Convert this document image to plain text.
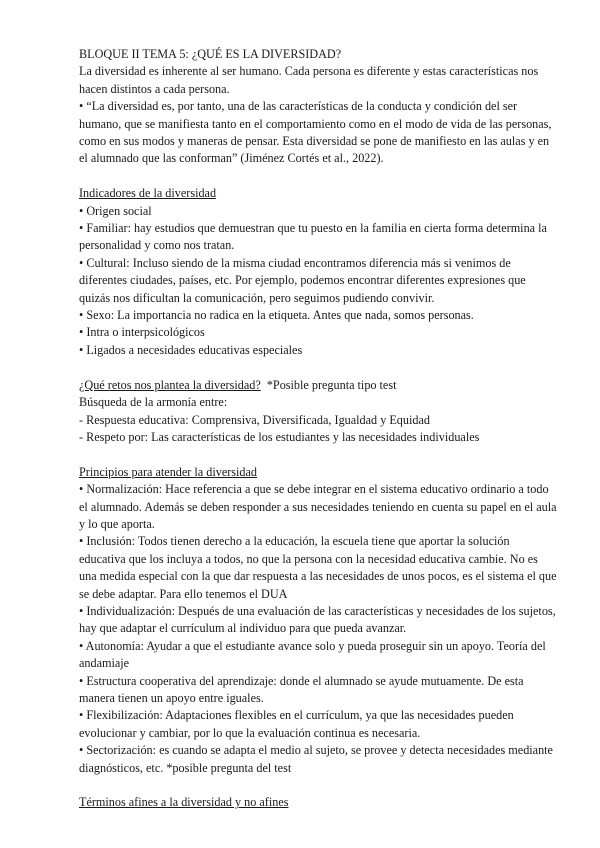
BLOQUE II TEMA 5: ¿QUÉ ES LA DIVERSIDAD?

La diversidad es inherente al ser humano. Cada persona es diferente y estas características nos hacen distintos a cada persona.

• “La diversidad es, por tanto, una de las características de la conducta y condición del ser humano, que se manifiesta tanto en el comportamiento como en el modo de vida de las personas, como en sus modos y maneras de pensar. Esta diversidad se pone de manifiesto en las aulas y en el alumnado que las conforman” (Jiménez Cortés et al., 2022).

Indicadores de la diversidad

• Origen social

• Familiar: hay estudios que demuestran que tu puesto en la familia en cierta forma determina la personalidad y como nos tratan.

• Cultural: Incluso siendo de la misma ciudad encontramos diferencia más si venimos de diferentes ciudades, países, etc. Por ejemplo, podemos encontrar diferentes expresiones que quizás nos dificultan la comunicación, pero seguimos pudiendo convivir.

• Sexo: La importancia no radica en la etiqueta. Antes que nada, somos personas.

• Intra o interpsicológicos

• Ligados a necesidades educativas especiales

¿Qué retos nos plantea la diversidad?  *Posible pregunta tipo test

Búsqueda de la armonía entre:

- Respuesta educativa: Comprensiva, Diversificada, Igualdad y Equidad

- Respeto por: Las características de los estudiantes y las necesidades individuales

Principios para atender la diversidad

• Normalización: Hace referencia a que se debe integrar en el sistema educativo ordinario a todo el alumnado. Además se deben responder a sus necesidades teniendo en cuenta su papel en el aula y lo que aporta.

• Inclusión: Todos tienen derecho a la educación, la escuela tiene que aportar la solución educativa que los incluya a todos, no que la persona con la necesidad educativa cambie. No es una medida especial con la que dar respuesta a las necesidades de unos pocos, es el sistema el que se debe adaptar. Para ello tenemos el DUA

• Individualización: Después de una evaluación de las características y necesidades de los sujetos, hay que adaptar el currículum al individuo para que pueda avanzar.

• Autonomía: Ayudar a que el estudiante avance solo y pueda proseguir sin un apoyo. Teoría del andamiaje

• Estructura cooperativa del aprendizaje: donde el alumnado se ayude mutuamente. De esta manera tienen un apoyo entre iguales.

• Flexibilización: Adaptaciones flexibles en el currículum, ya que las necesidades pueden evolucionar y cambiar, por lo que la evaluación continua es necesaria.

• Sectorización: es cuando se adapta el medio al sujeto, se provee y detecta necesidades mediante diagnósticos, etc. *posible pregunta del test

Términos afines a la diversidad y no afines
